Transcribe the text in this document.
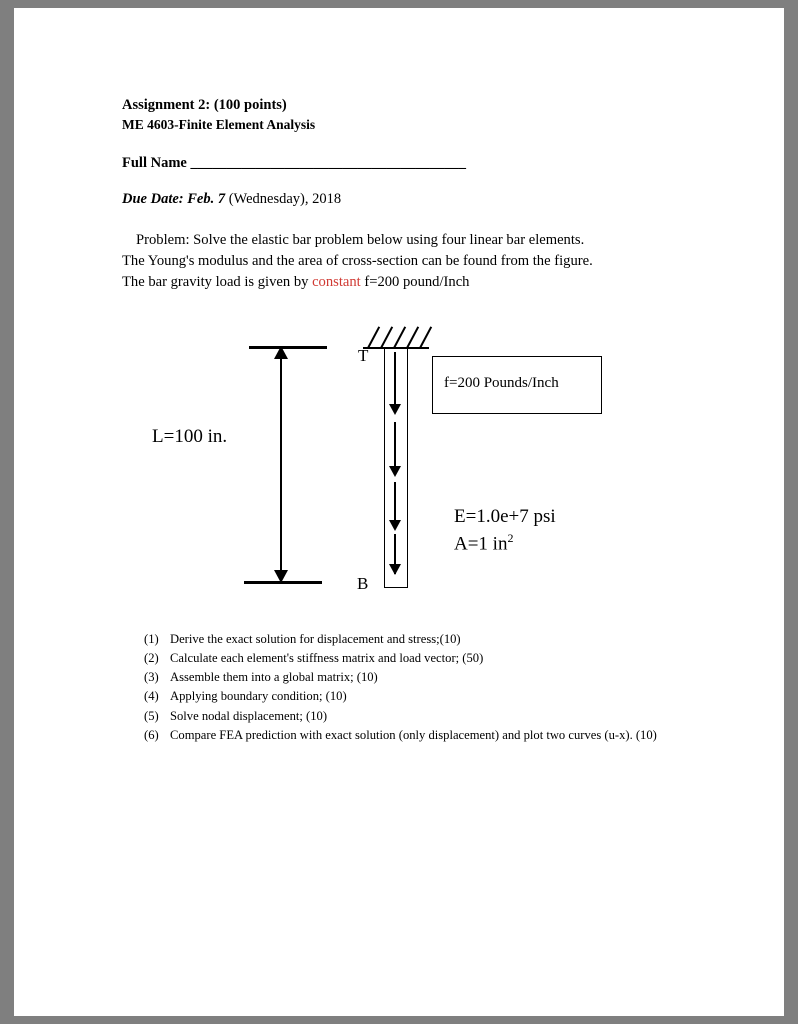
Assignment 2: (100 points)
ME 4603-Finite Element Analysis
Full Name ______________________________________
Due Date: Feb. 7 (Wednesday), 2018
Problem: Solve the elastic bar problem below using four linear bar elements.
The Young's modulus and the area of cross-section can be found from the figure.
The bar gravity load is given by constant f=200 pound/Inch
L=100 in.
T
B
f=200 Pounds/Inch
E=1.0e+7 psi
A=1 $in^2$
(1) Derive the exact solution for displacement and stress;(10)
(2) Calculate each element's stiffness matrix and load vector; (50)
(3) Assemble them into a global matrix; (10)
(4) Applying boundary condition; (10)
(5) Solve nodal displacement; (10)
(6) Compare FEA prediction with exact solution (only displacement) and plot two curves (u-x). (10)
